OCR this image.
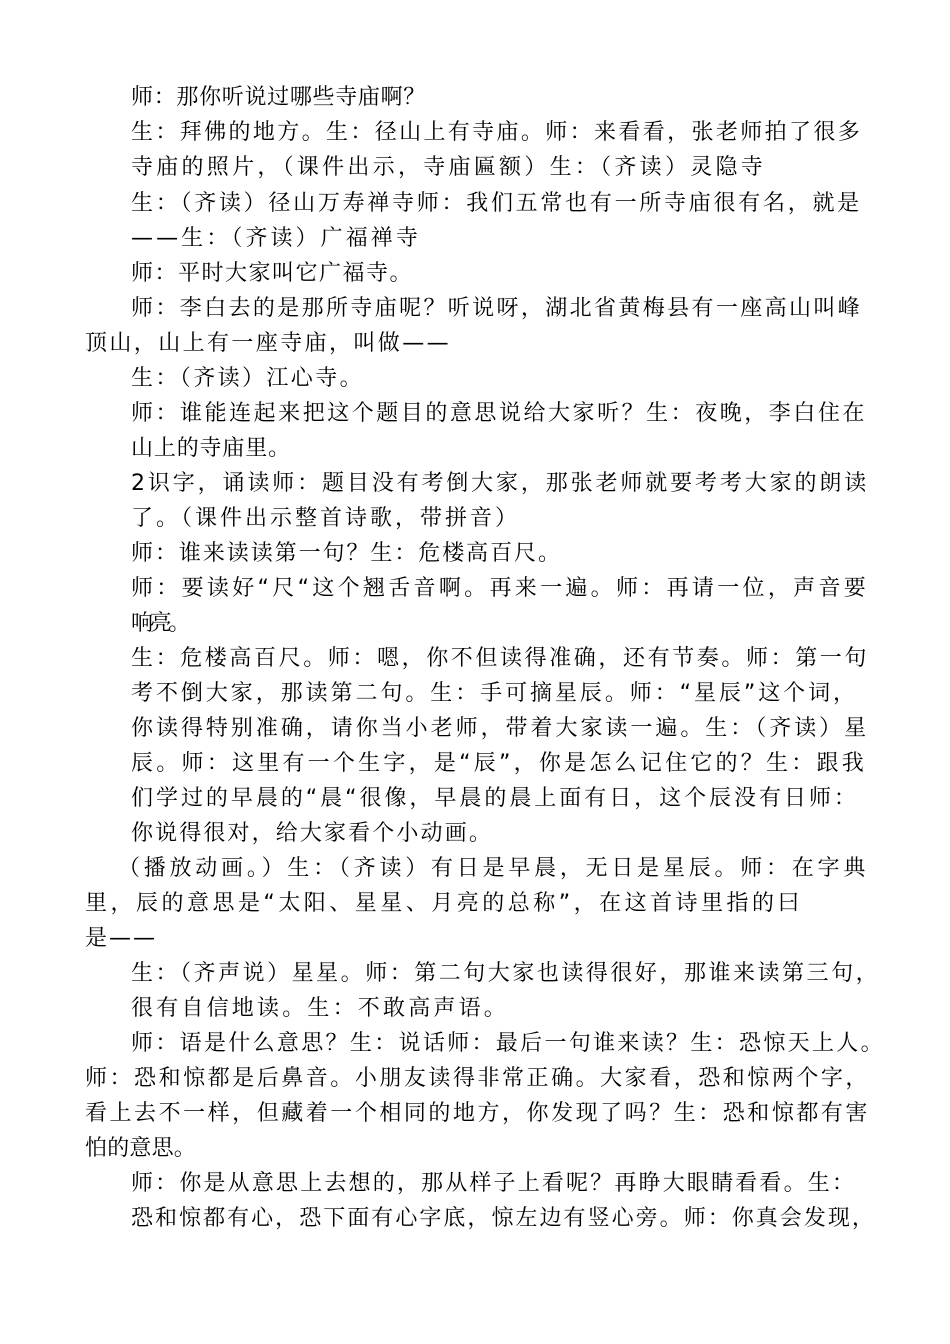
师：那你听说过哪些寺庙啊？
生：拜佛的地方。生：径山上有寺庙。师：来看看，张老师拍了很多
寺庙的照片，（课件出示，寺庙匾额）生：（齐读）灵隐寺
生：（齐读）径山万寿禅寺师：我们五常也有一所寺庙很有名，就是
——生：（齐读）广福禅寺
师：平时大家叫它广福寺。
师：李白去的是那所寺庙呢？听说呀，湖北省黄梅县有一座高山叫峰
顶山，山上有一座寺庙，叫做——
生：（齐读）江心寺。
师：谁能连起来把这个题目的意思说给大家听？生：夜晚，李白住在
山上的寺庙里。
2识字，诵读师：题目没有考倒大家，那张老师就要考考大家的朗读
了。（课件出示整首诗歌，带拼音）
师：谁来读读第一句？生：危楼高百尺。
师：要读好“尺“这个翘舌音啊。再来一遍。师：再请一位，声音要
响亮。
生：危楼高百尺。师：嗯，你不但读得准确，还有节奏。师：第一句
考不倒大家，那读第二句。生：手可摘星辰。师：“星辰”这个词，
你读得特别准确，请你当小老师，带着大家读一遍。生：（齐读）星
辰。师：这里有一个生字，是“辰”，你是怎么记住它的？生：跟我
们学过的早晨的“晨“很像，早晨的晨上面有日，这个辰没有日师：
你说得很对，给大家看个小动画。
（播放动画。）生：（齐读）有日是早晨，无日是星辰。师：在字典
里，辰的意思是“太阳、星星、月亮的总称”，在这首诗里指的曰
是——
生：（齐声说）星星。师：第二句大家也读得很好，那谁来读第三句，
很有自信地读。生：不敢高声语。
师：语是什么意思？生：说话师：最后一句谁来读？生：恐惊天上人。
师：恐和惊都是后鼻音。小朋友读得非常正确。大家看，恐和惊两个字，
看上去不一样，但藏着一个相同的地方，你发现了吗？生：恐和惊都有害
怕的意思。
师：你是从意思上去想的，那从样子上看呢？再睁大眼睛看看。生：
恐和惊都有心，恐下面有心字底，惊左边有竖心旁。师：你真会发现，
